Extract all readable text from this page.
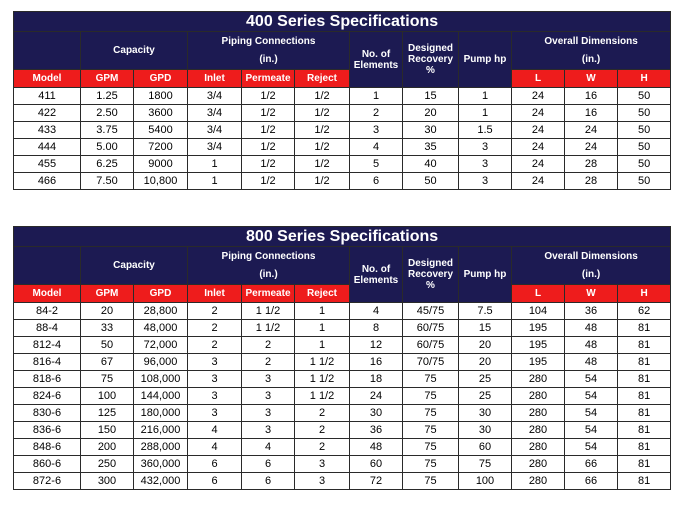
400 Series Specifications											
	Capacity		Piping Connections			No. of Elements	Designed Recovery %	Pump hp	Overall Dimensions		
			(in.)						(in.)		
Model	GPM	GPD	Inlet	Permeate	Reject				L	W	H
411	1.25	1800	3/4	1/2	1/2	1	15	1	24	16	50
422	2.50	3600	3/4	1/2	1/2	2	20	1	24	16	50
433	3.75	5400	3/4	1/2	1/2	3	30	1.5	24	24	50
444	5.00	7200	3/4	1/2	1/2	4	35	3	24	24	50
455	6.25	9000	1	1/2	1/2	5	40	3	24	28	50
466	7.50	10,800	1	1/2	1/2	6	50	3	24	28	50
800 Series Specifications											
	Capacity		Piping Connections			No. of Elements	Designed Recovery %	Pump hp	Overall Dimensions		
			(in.)						(in.)		
Model	GPM	GPD	Inlet	Permeate	Reject				L	W	H
84-2	20	28,800	2	1 1/2	1	4	45/75	7.5	104	36	62
88-4	33	48,000	2	1 1/2	1	8	60/75	15	195	48	81
812-4	50	72,000	2	2	1	12	60/75	20	195	48	81
816-4	67	96,000	3	2	1 1/2	16	70/75	20	195	48	81
818-6	75	108,000	3	3	1 1/2	18	75	25	280	54	81
824-6	100	144,000	3	3	1 1/2	24	75	25	280	54	81
830-6	125	180,000	3	3	2	30	75	30	280	54	81
836-6	150	216,000	4	3	2	36	75	30	280	54	81
848-6	200	288,000	4	4	2	48	75	60	280	54	81
860-6	250	360,000	6	6	3	60	75	75	280	66	81
872-6	300	432,000	6	6	3	72	75	100	280	66	81
